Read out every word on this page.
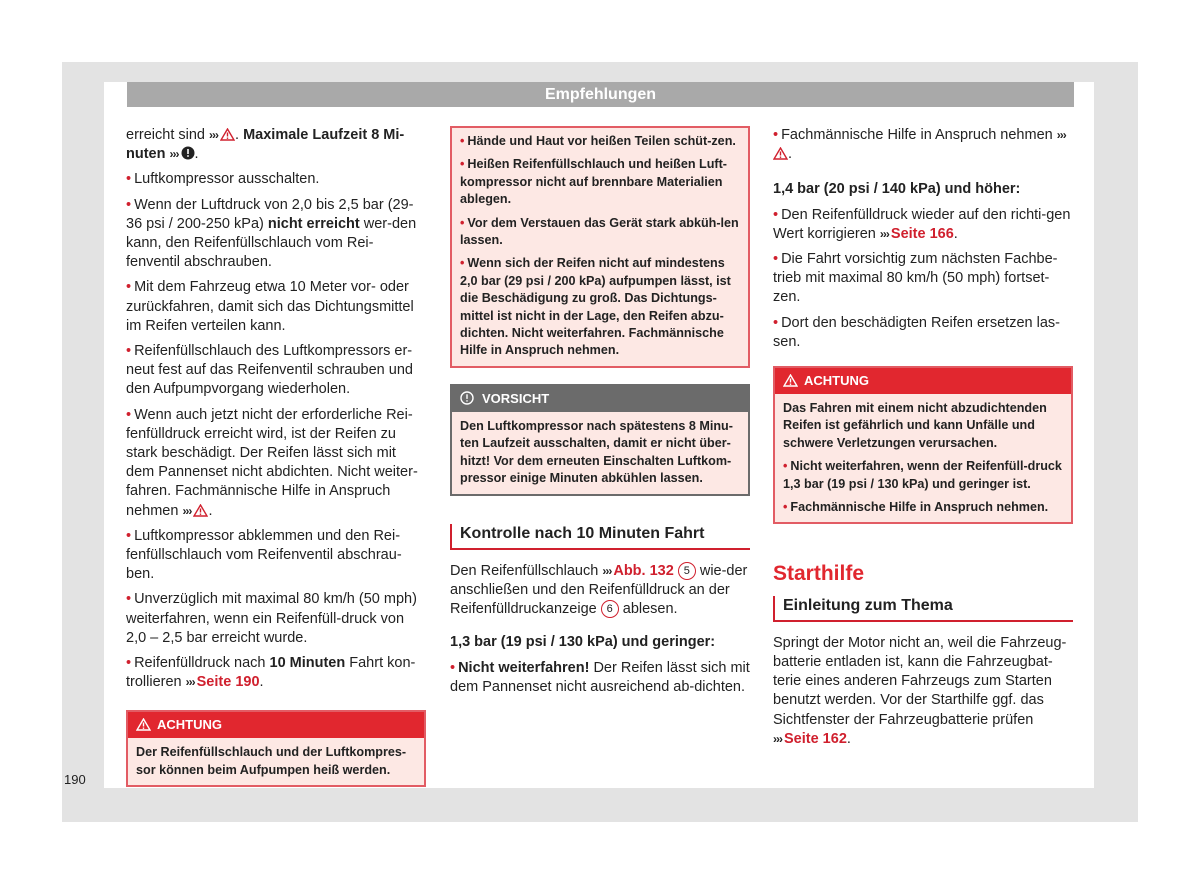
Empfehlungen

erreicht sind ››› . Maximale Laufzeit 8 Mi-nuten ››› .

• Luftkompressor ausschalten.

• Wenn der Luftdruck von 2,0 bis 2,5 bar (29-36 psi / 200-250 kPa) nicht erreicht wer-den kann, den Reifenfüllschlauch vom Rei-fenventil abschrauben.

• Mit dem Fahrzeug etwa 10 Meter vor- oder zurückfahren, damit sich das Dichtungsmittel im Reifen verteilen kann.

• Reifenfüllschlauch des Luftkompressors er-neut fest auf das Reifenventil schrauben und den Aufpumpvorgang wiederholen.

• Wenn auch jetzt nicht der erforderliche Rei-fenfülldruck erreicht wird, ist der Reifen zu stark beschädigt. Der Reifen lässt sich mit dem Pannenset nicht abdichten. Nicht weiter-fahren. Fachmännische Hilfe in Anspruch nehmen ››› .

• Luftkompressor abklemmen und den Rei-fenfüllschlauch vom Reifenventil abschrau-ben.

• Unverzüglich mit maximal 80 km/h (50 mph) weiterfahren, wenn ein Reifenfüll-druck von 2,0 – 2,5 bar erreicht wurde.

• Reifenfülldruck nach 10 Minuten Fahrt kon-trollieren ››› Seite 190.

ACHTUNG
Der Reifenfüllschlauch und der Luftkompres-sor können beim Aufpumpen heiß werden.
• Hände und Haut vor heißen Teilen schüt-zen.
• Heißen Reifenfüllschlauch und heißen Luft-kompressor nicht auf brennbare Materialien ablegen.
• Vor dem Verstauen das Gerät stark abküh-len lassen.
• Wenn sich der Reifen nicht auf mindestens 2,0 bar (29 psi / 200 kPa) aufpumpen lässt, ist die Beschädigung zu groß. Das Dichtungs-mittel ist nicht in der Lage, den Reifen abzu-dichten. Nicht weiterfahren. Fachmännische Hilfe in Anspruch nehmen.
VORSICHT
Den Luftkompressor nach spätestens 8 Minu-ten Laufzeit ausschalten, damit er nicht über-hitzt! Vor dem erneuten Einschalten Luftkom-pressor einige Minuten abkühlen lassen.

Kontrolle nach 10 Minuten Fahrt

Den Reifenfüllschlauch ››› Abb. 132 5 wie-der anschließen und den Reifenfülldruck an der Reifenfülldruckanzeige 6 ablesen.

1,3 bar (19 psi / 130 kPa) und geringer:

• Nicht weiterfahren! Der Reifen lässt sich mit dem Pannenset nicht ausreichend ab-dichten.

• Fachmännische Hilfe in Anspruch nehmen ›››.

1,4 bar (20 psi / 140 kPa) und höher:

• Den Reifenfülldruck wieder auf den richti-gen Wert korrigieren ››› Seite 166.

• Die Fahrt vorsichtig zum nächsten Fachbe-trieb mit maximal 80 km/h (50 mph) fortset-zen.

• Dort den beschädigten Reifen ersetzen las-sen.

ACHTUNG
Das Fahren mit einem nicht abzudichtenden Reifen ist gefährlich und kann Unfälle und schwere Verletzungen verursachen.
• Nicht weiterfahren, wenn der Reifenfüll-druck 1,3 bar (19 psi / 130 kPa) und geringer ist.
• Fachmännische Hilfe in Anspruch nehmen.

Starthilfe

Einleitung zum Thema

Springt der Motor nicht an, weil die Fahrzeug-batterie entladen ist, kann die Fahrzeugbat-terie eines anderen Fahrzeugs zum Starten benutzt werden. Vor der Starthilfe ggf. das Sichtfenster der Fahrzeugbatterie prüfen ››› Seite 162.

190
